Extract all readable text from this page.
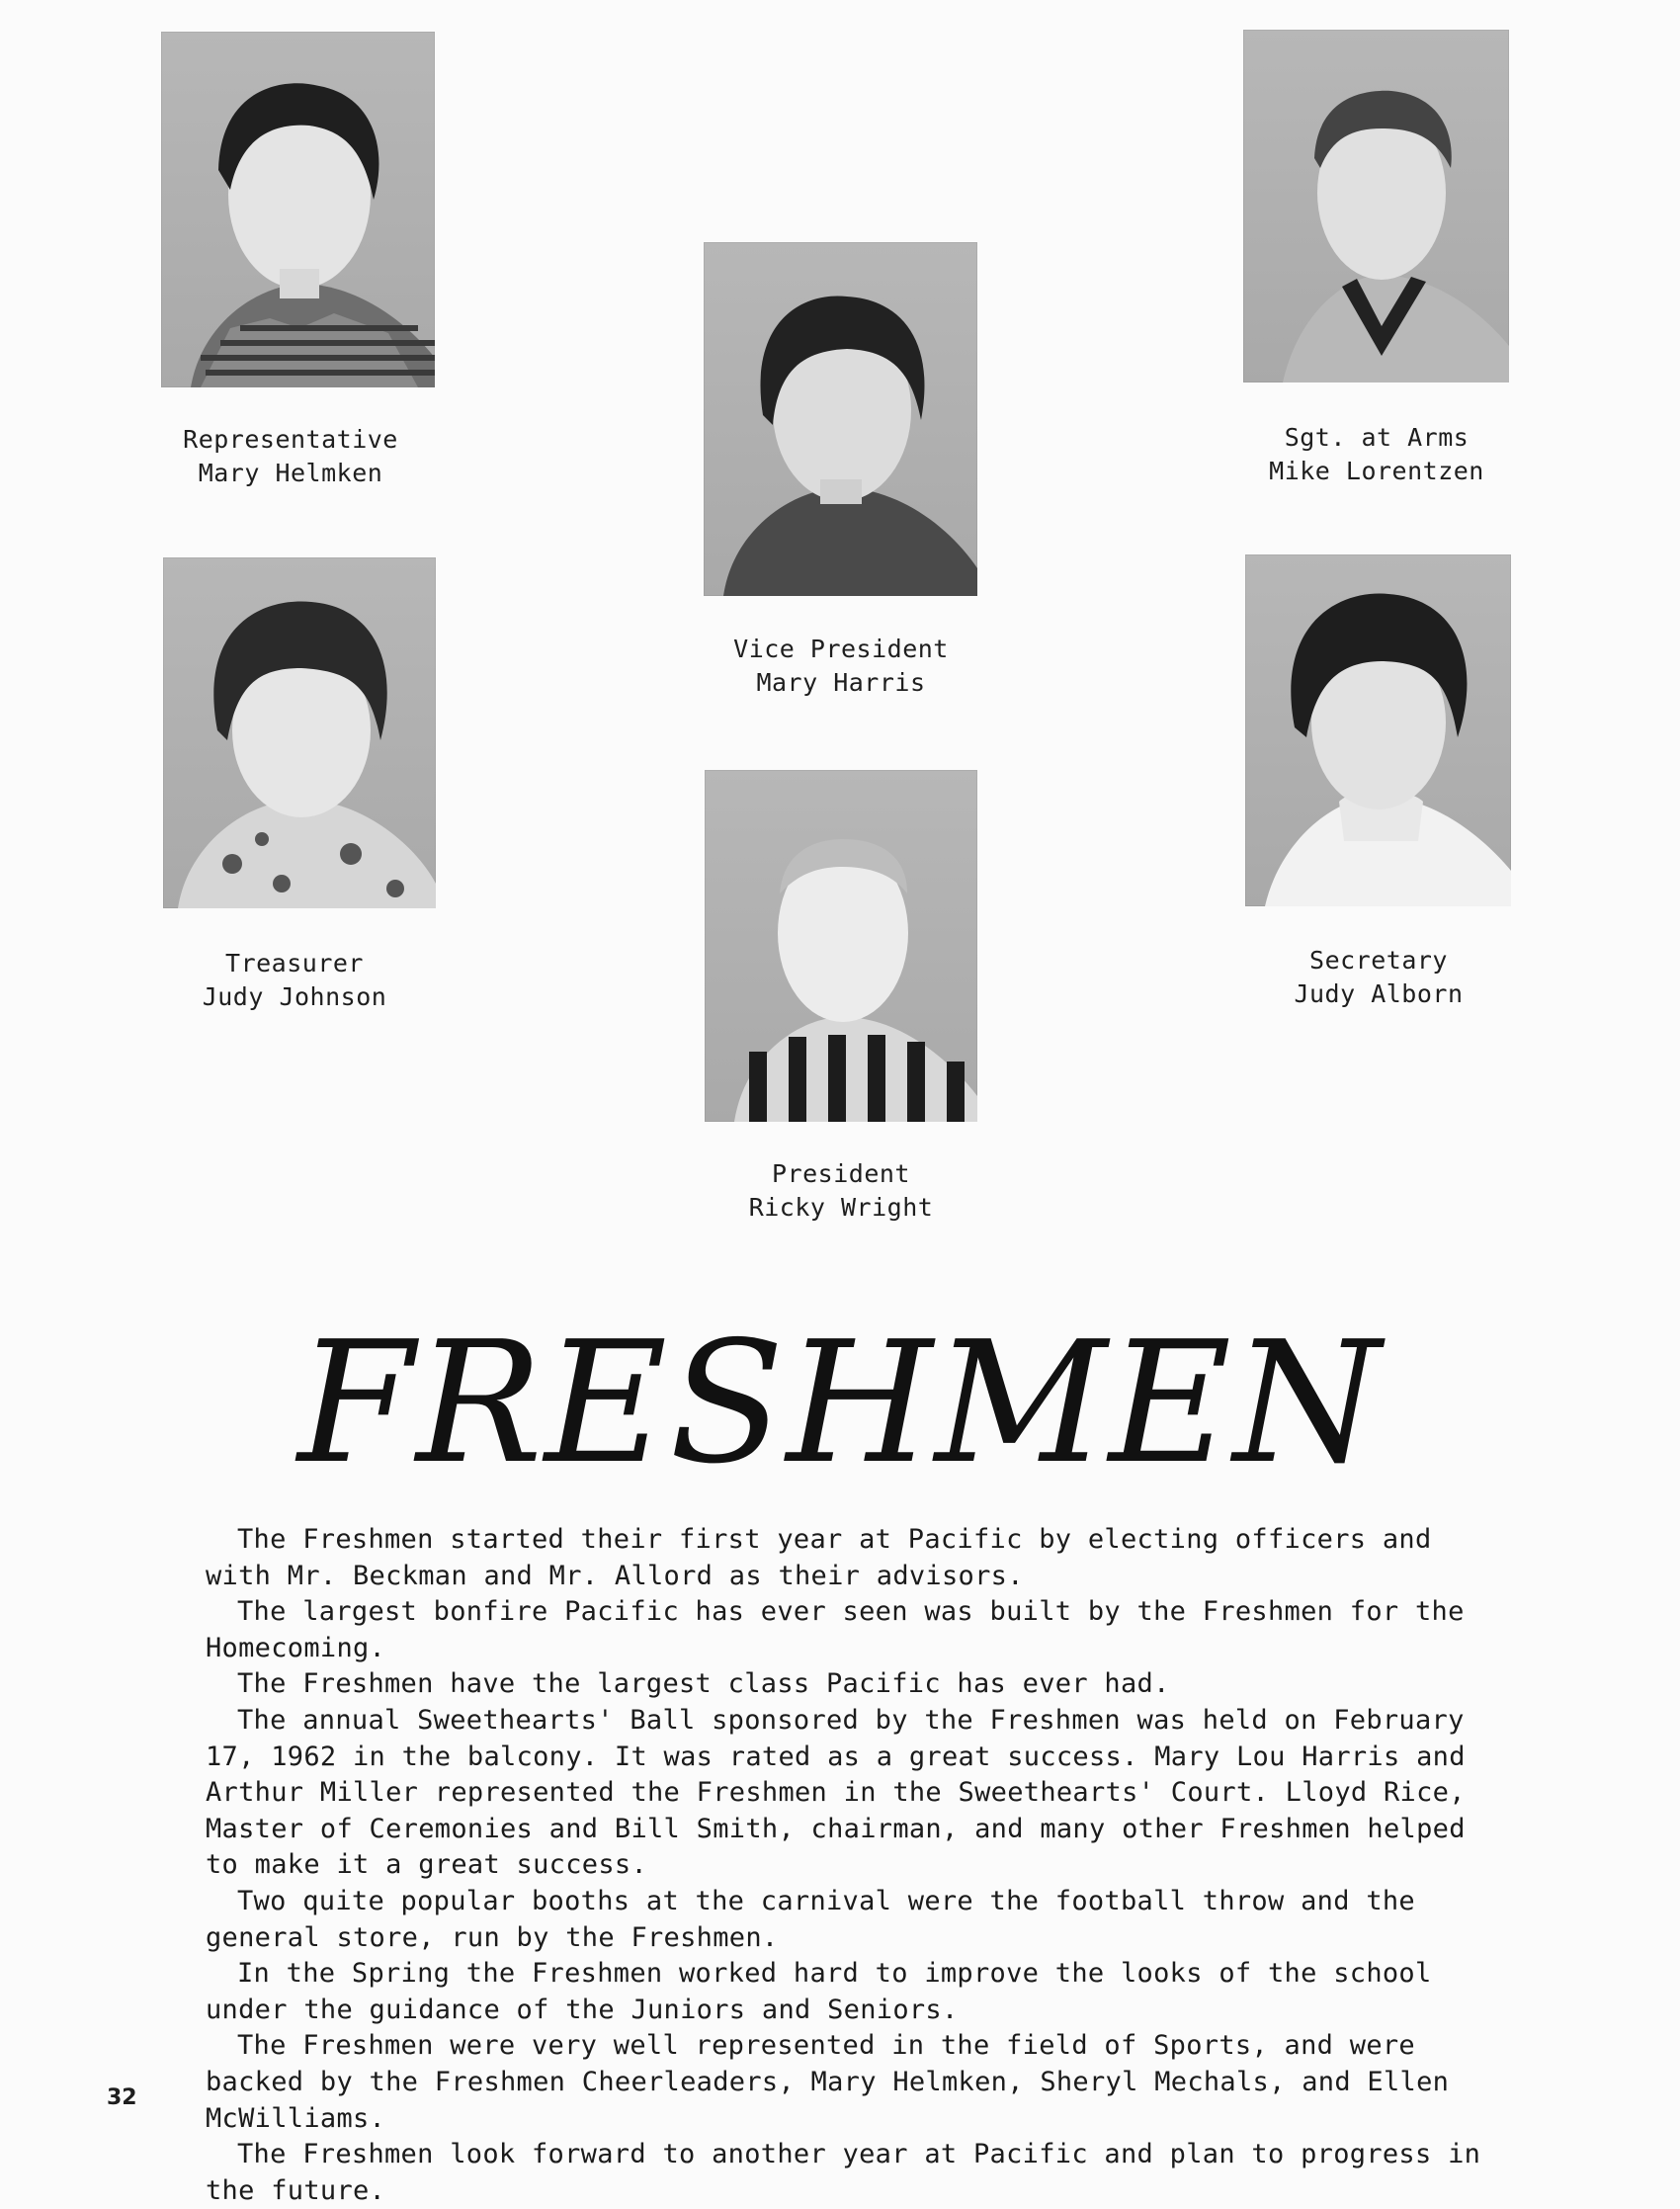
Representative
Mary Helmken
Vice President
Mary Harris
Sgt. at Arms
Mike Lorentzen
Treasurer
Judy Johnson
President
Ricky Wright
Secretary
Judy Alborn
FRESHMEN

The Freshmen started their first year at Pacific by electing officers and with Mr. Beckman and Mr. Allord as their advisors.

The largest bonfire Pacific has ever seen was built by the Freshmen for the Homecoming.

The Freshmen have the largest class Pacific has ever had.

The annual Sweethearts' Ball sponsored by the Freshmen was held on February 17, 1962 in the balcony. It was rated as a great success. Mary Lou Harris and Arthur Miller represented the Freshmen in the Sweethearts' Court. Lloyd Rice, Master of Ceremonies and Bill Smith, chairman, and many other Freshmen helped to make it a great success.

Two quite popular booths at the carnival were the football throw and the general store, run by the Freshmen.

In the Spring the Freshmen worked hard to improve the looks of the school under the guidance of the Juniors and Seniors.

The Freshmen were very well represented in the field of Sports, and were backed by the Freshmen Cheerleaders, Mary Helmken, Sheryl Mechals, and Ellen McWilliams.

The Freshmen look forward to another year at Pacific and plan to progress in the future.

32
